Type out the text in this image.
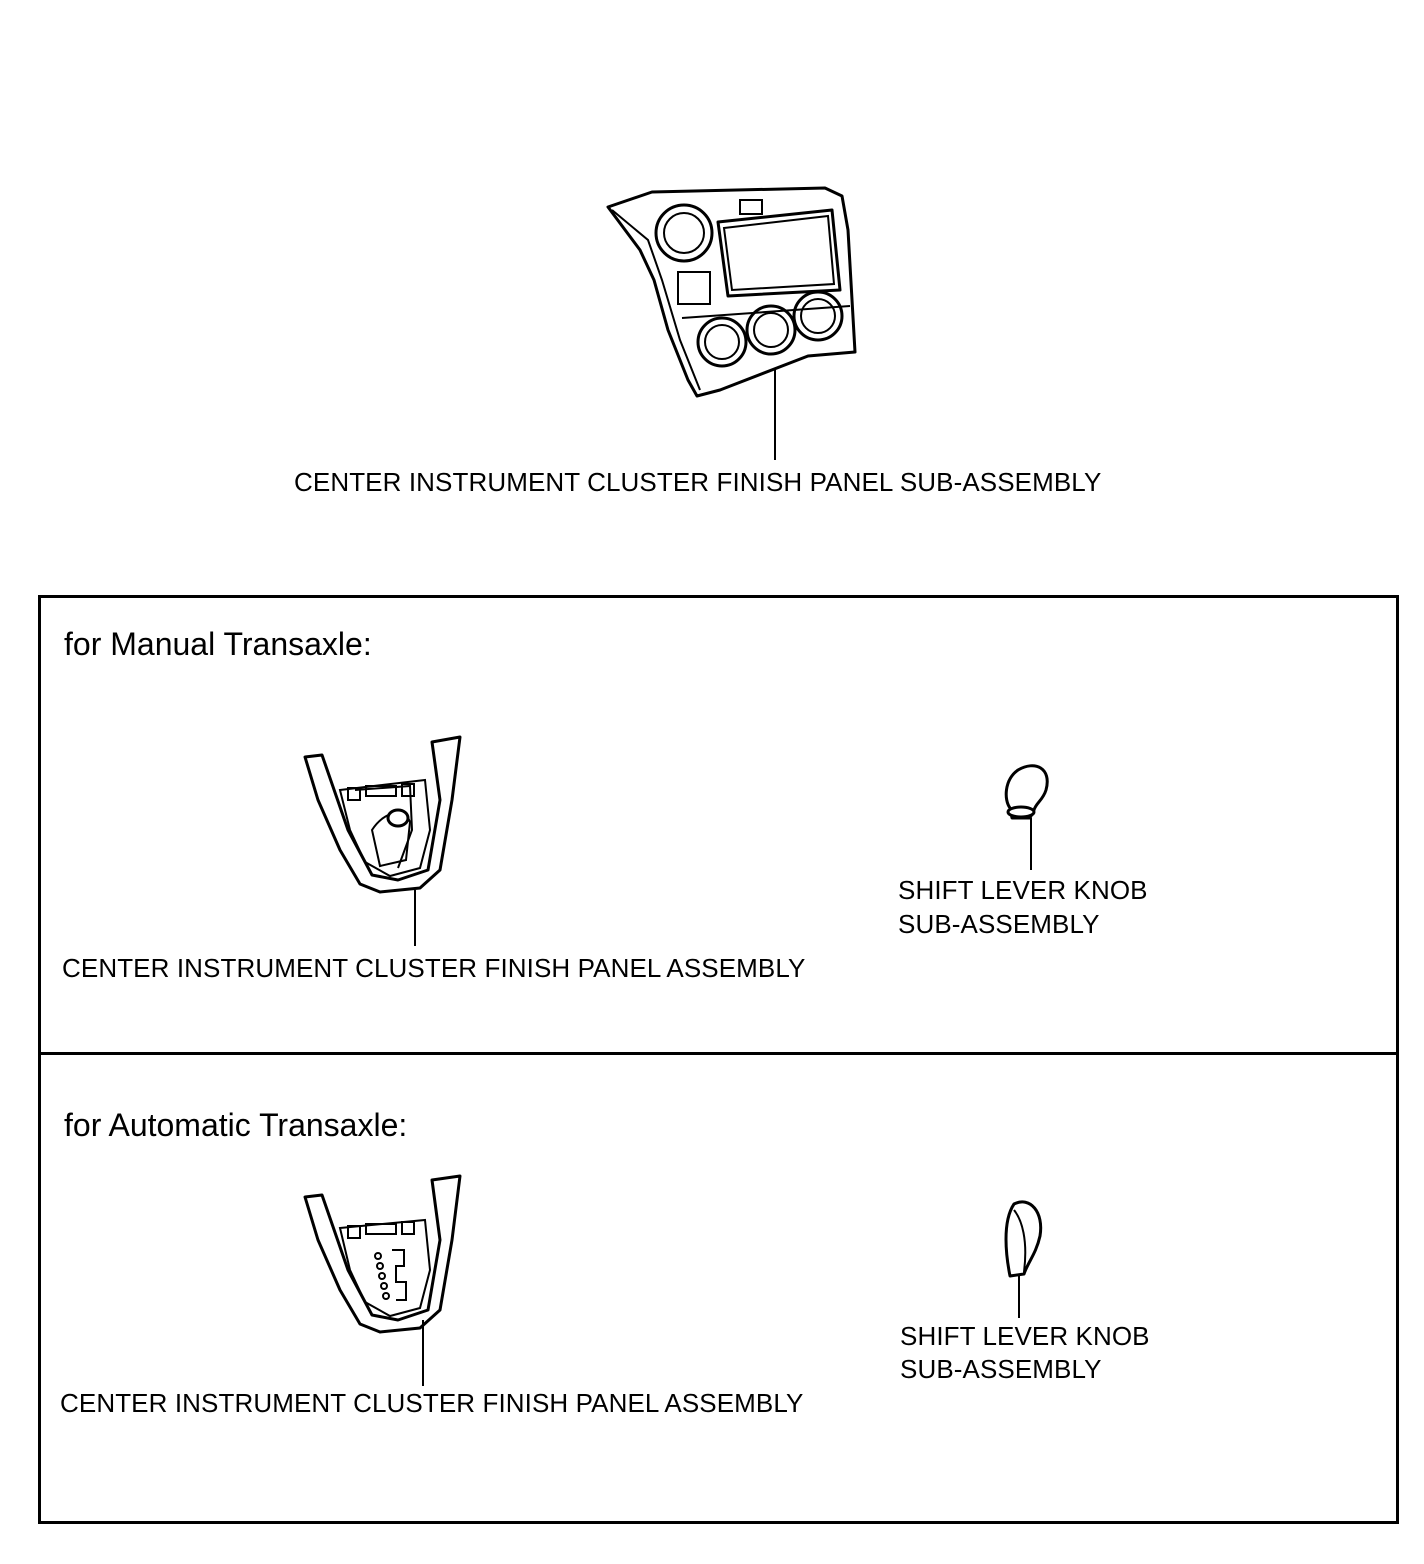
CENTER INSTRUMENT CLUSTER FINISH PANEL SUB-ASSEMBLY
for Manual Transaxle:
CENTER INSTRUMENT CLUSTER FINISH PANEL ASSEMBLY
SHIFT LEVER KNOB
SUB-ASSEMBLY
for Automatic Transaxle:
CENTER INSTRUMENT CLUSTER FINISH PANEL ASSEMBLY
SHIFT LEVER KNOB
SUB-ASSEMBLY
